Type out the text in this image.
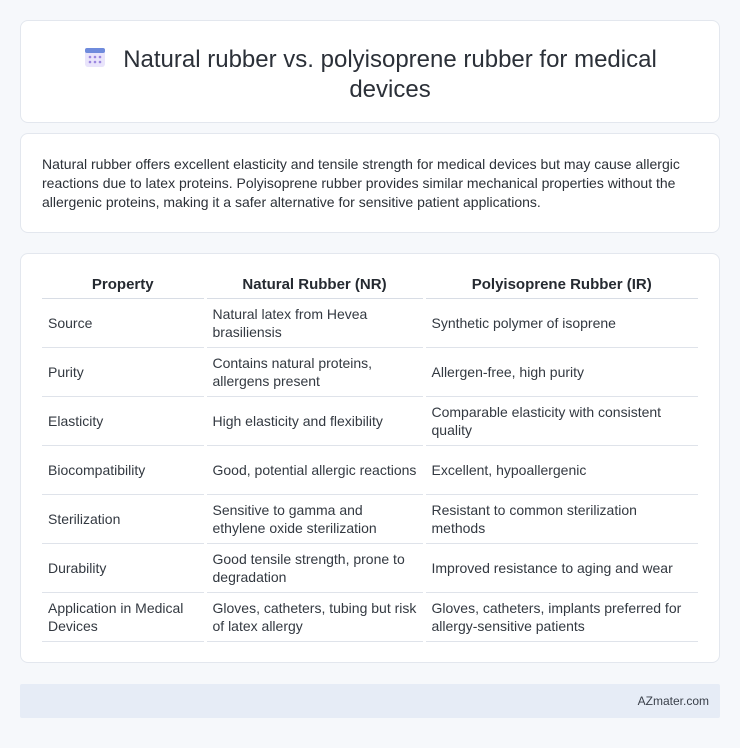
Natural rubber vs. polyisoprene rubber for medical devices

Natural rubber offers excellent elasticity and tensile strength for medical devices but may cause allergic reactions due to latex proteins. Polyisoprene rubber provides similar mechanical properties without the allergenic proteins, making it a safer alternative for sensitive patient applications.

Property	Natural Rubber (NR)	Polyisoprene Rubber (IR)
Source	Natural latex from Hevea brasiliensis	Synthetic polymer of isoprene
Purity	Contains natural proteins, allergens present	Allergen-free, high purity
Elasticity	High elasticity and flexibility	Comparable elasticity with consistent quality
Biocompatibility	Good, potential allergic reactions	Excellent, hypoallergenic
Sterilization	Sensitive to gamma and ethylene oxide sterilization	Resistant to common sterilization methods
Durability	Good tensile strength, prone to degradation	Improved resistance to aging and wear
Application in Medical Devices	Gloves, catheters, tubing but risk of latex allergy	Gloves, catheters, implants preferred for allergy-sensitive patients
AZmater.com
